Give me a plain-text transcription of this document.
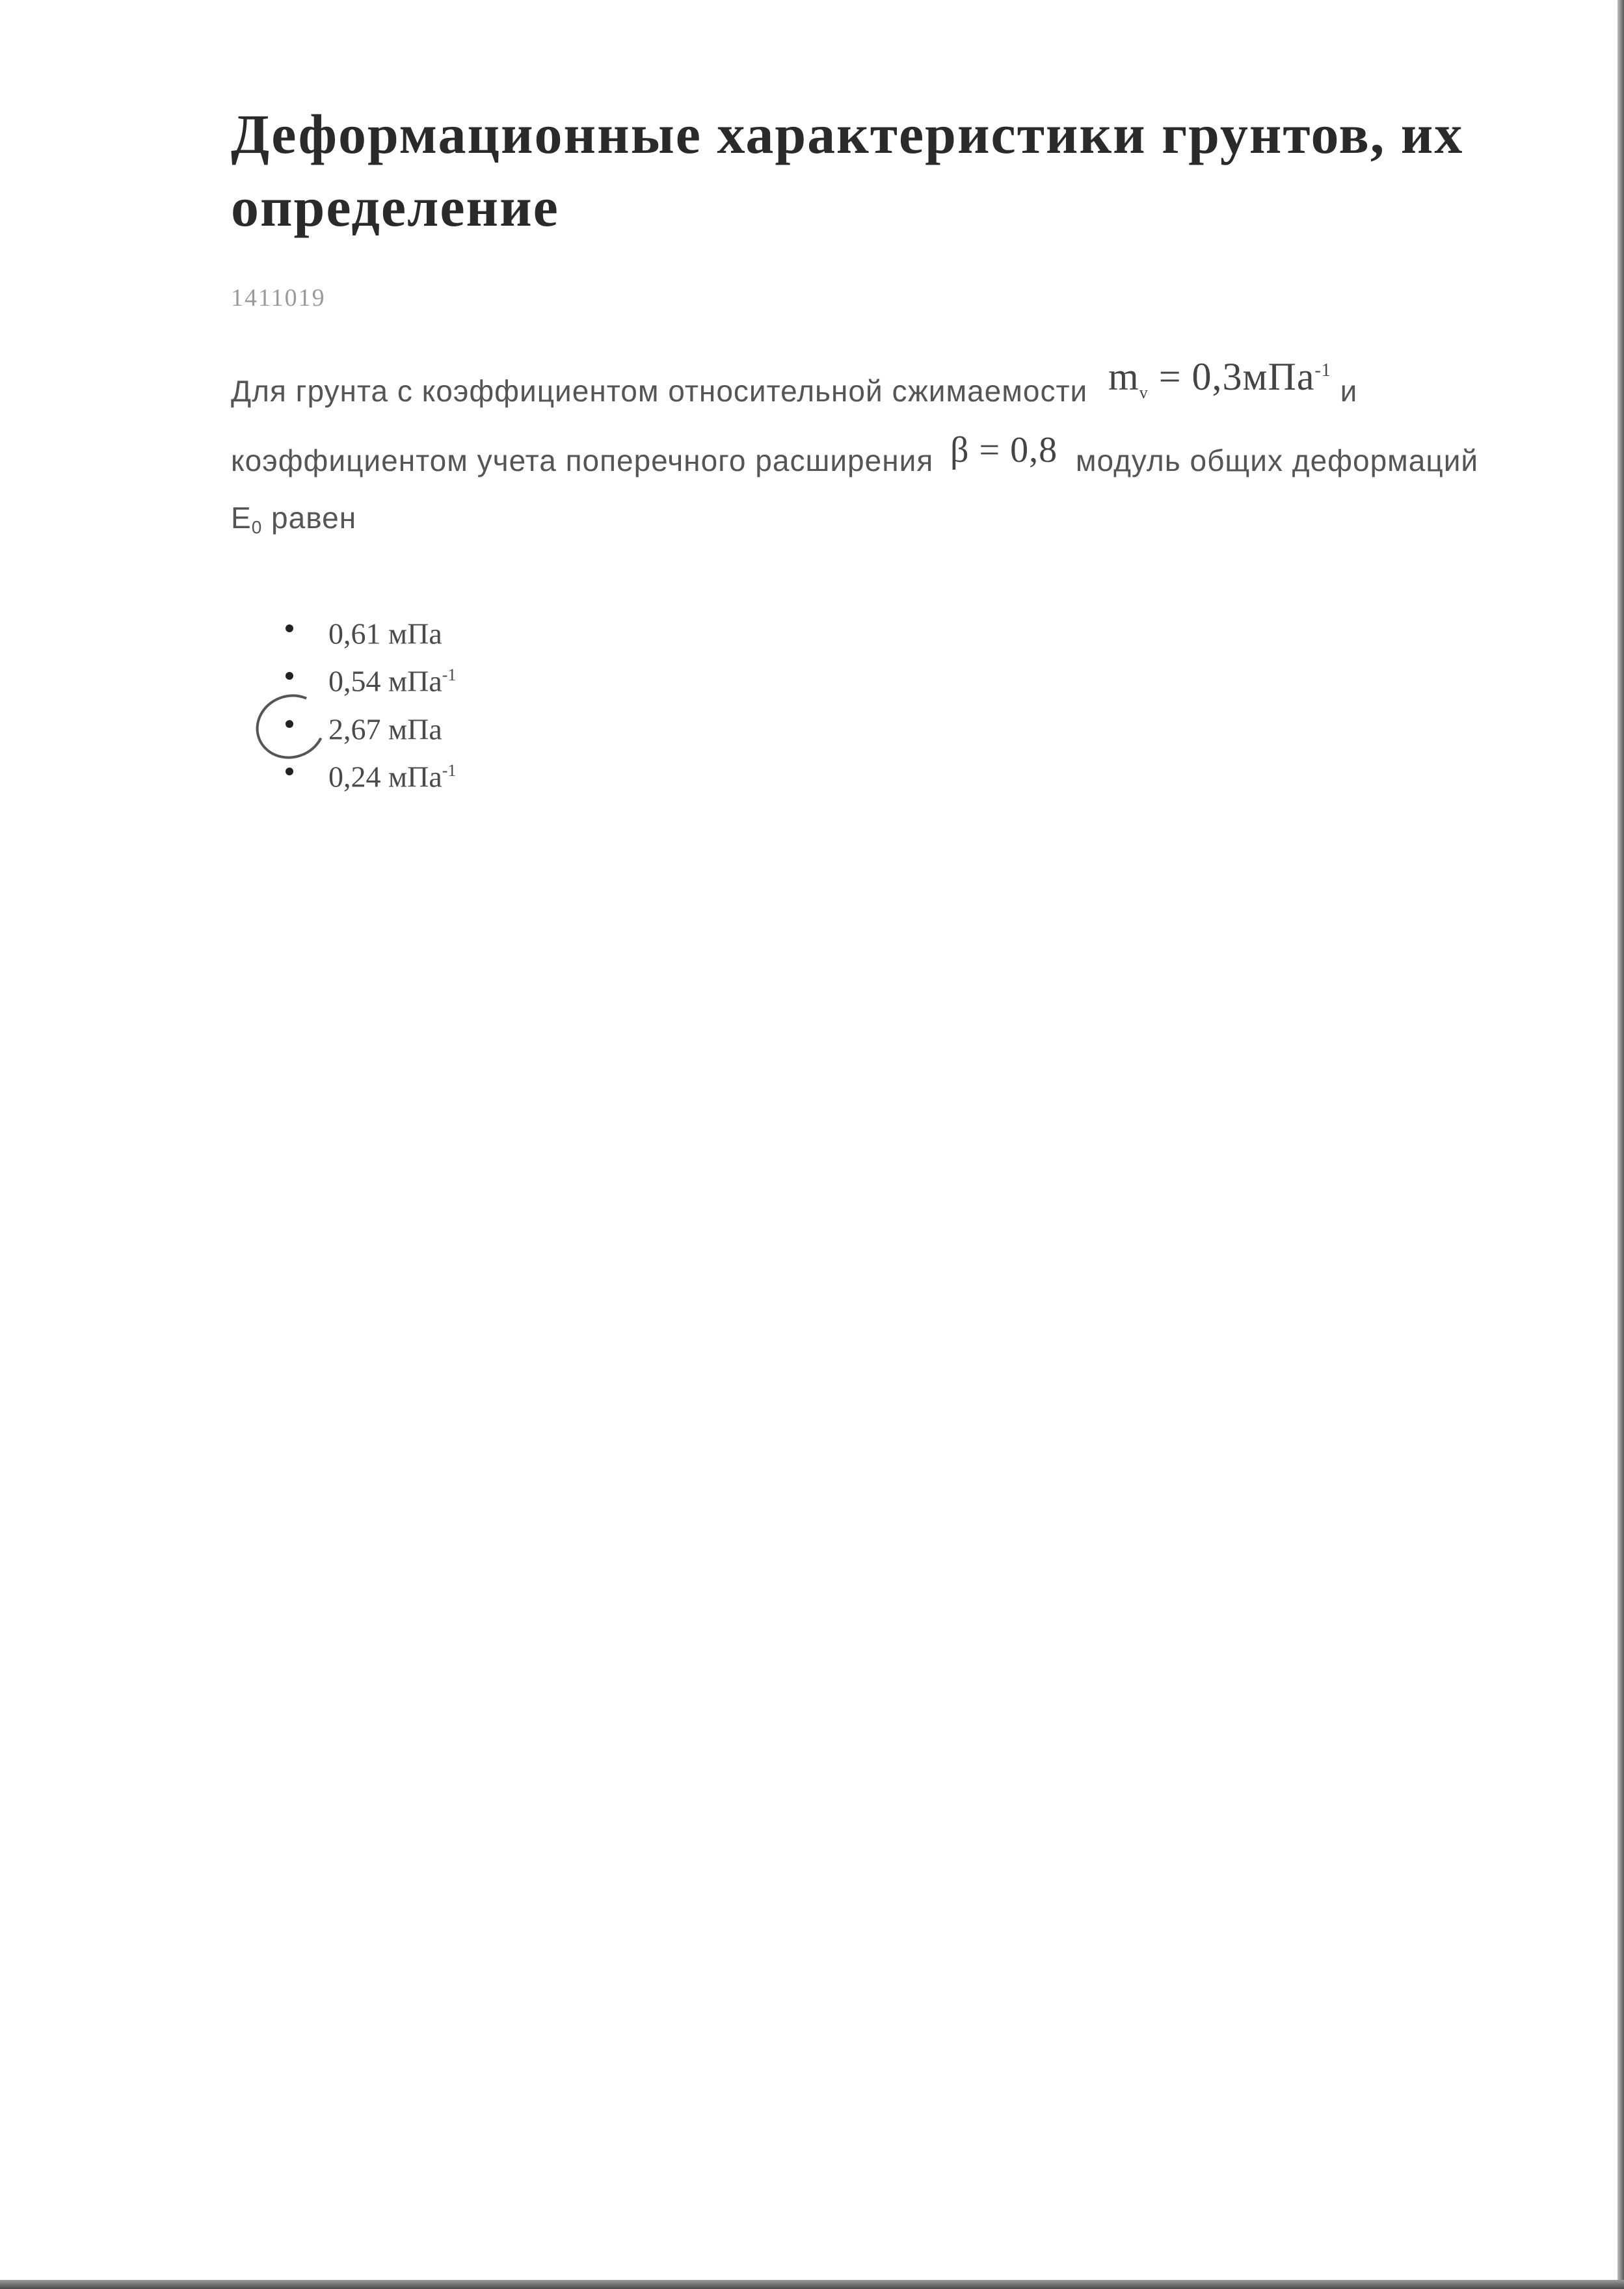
Деформационные характеристики грунтов, их определение
1411019
Для грунта с коэффициентом относительной сжимаемости $m_v = 0,3мПа^{-1}$ и коэффициентом учета поперечного расширения β = 0,8 модуль общих деформаций E0 равен
0,61 мПа
0,54 мПа$^{-1}$
2,67 мПа
0,24 мПа$^{-1}$
